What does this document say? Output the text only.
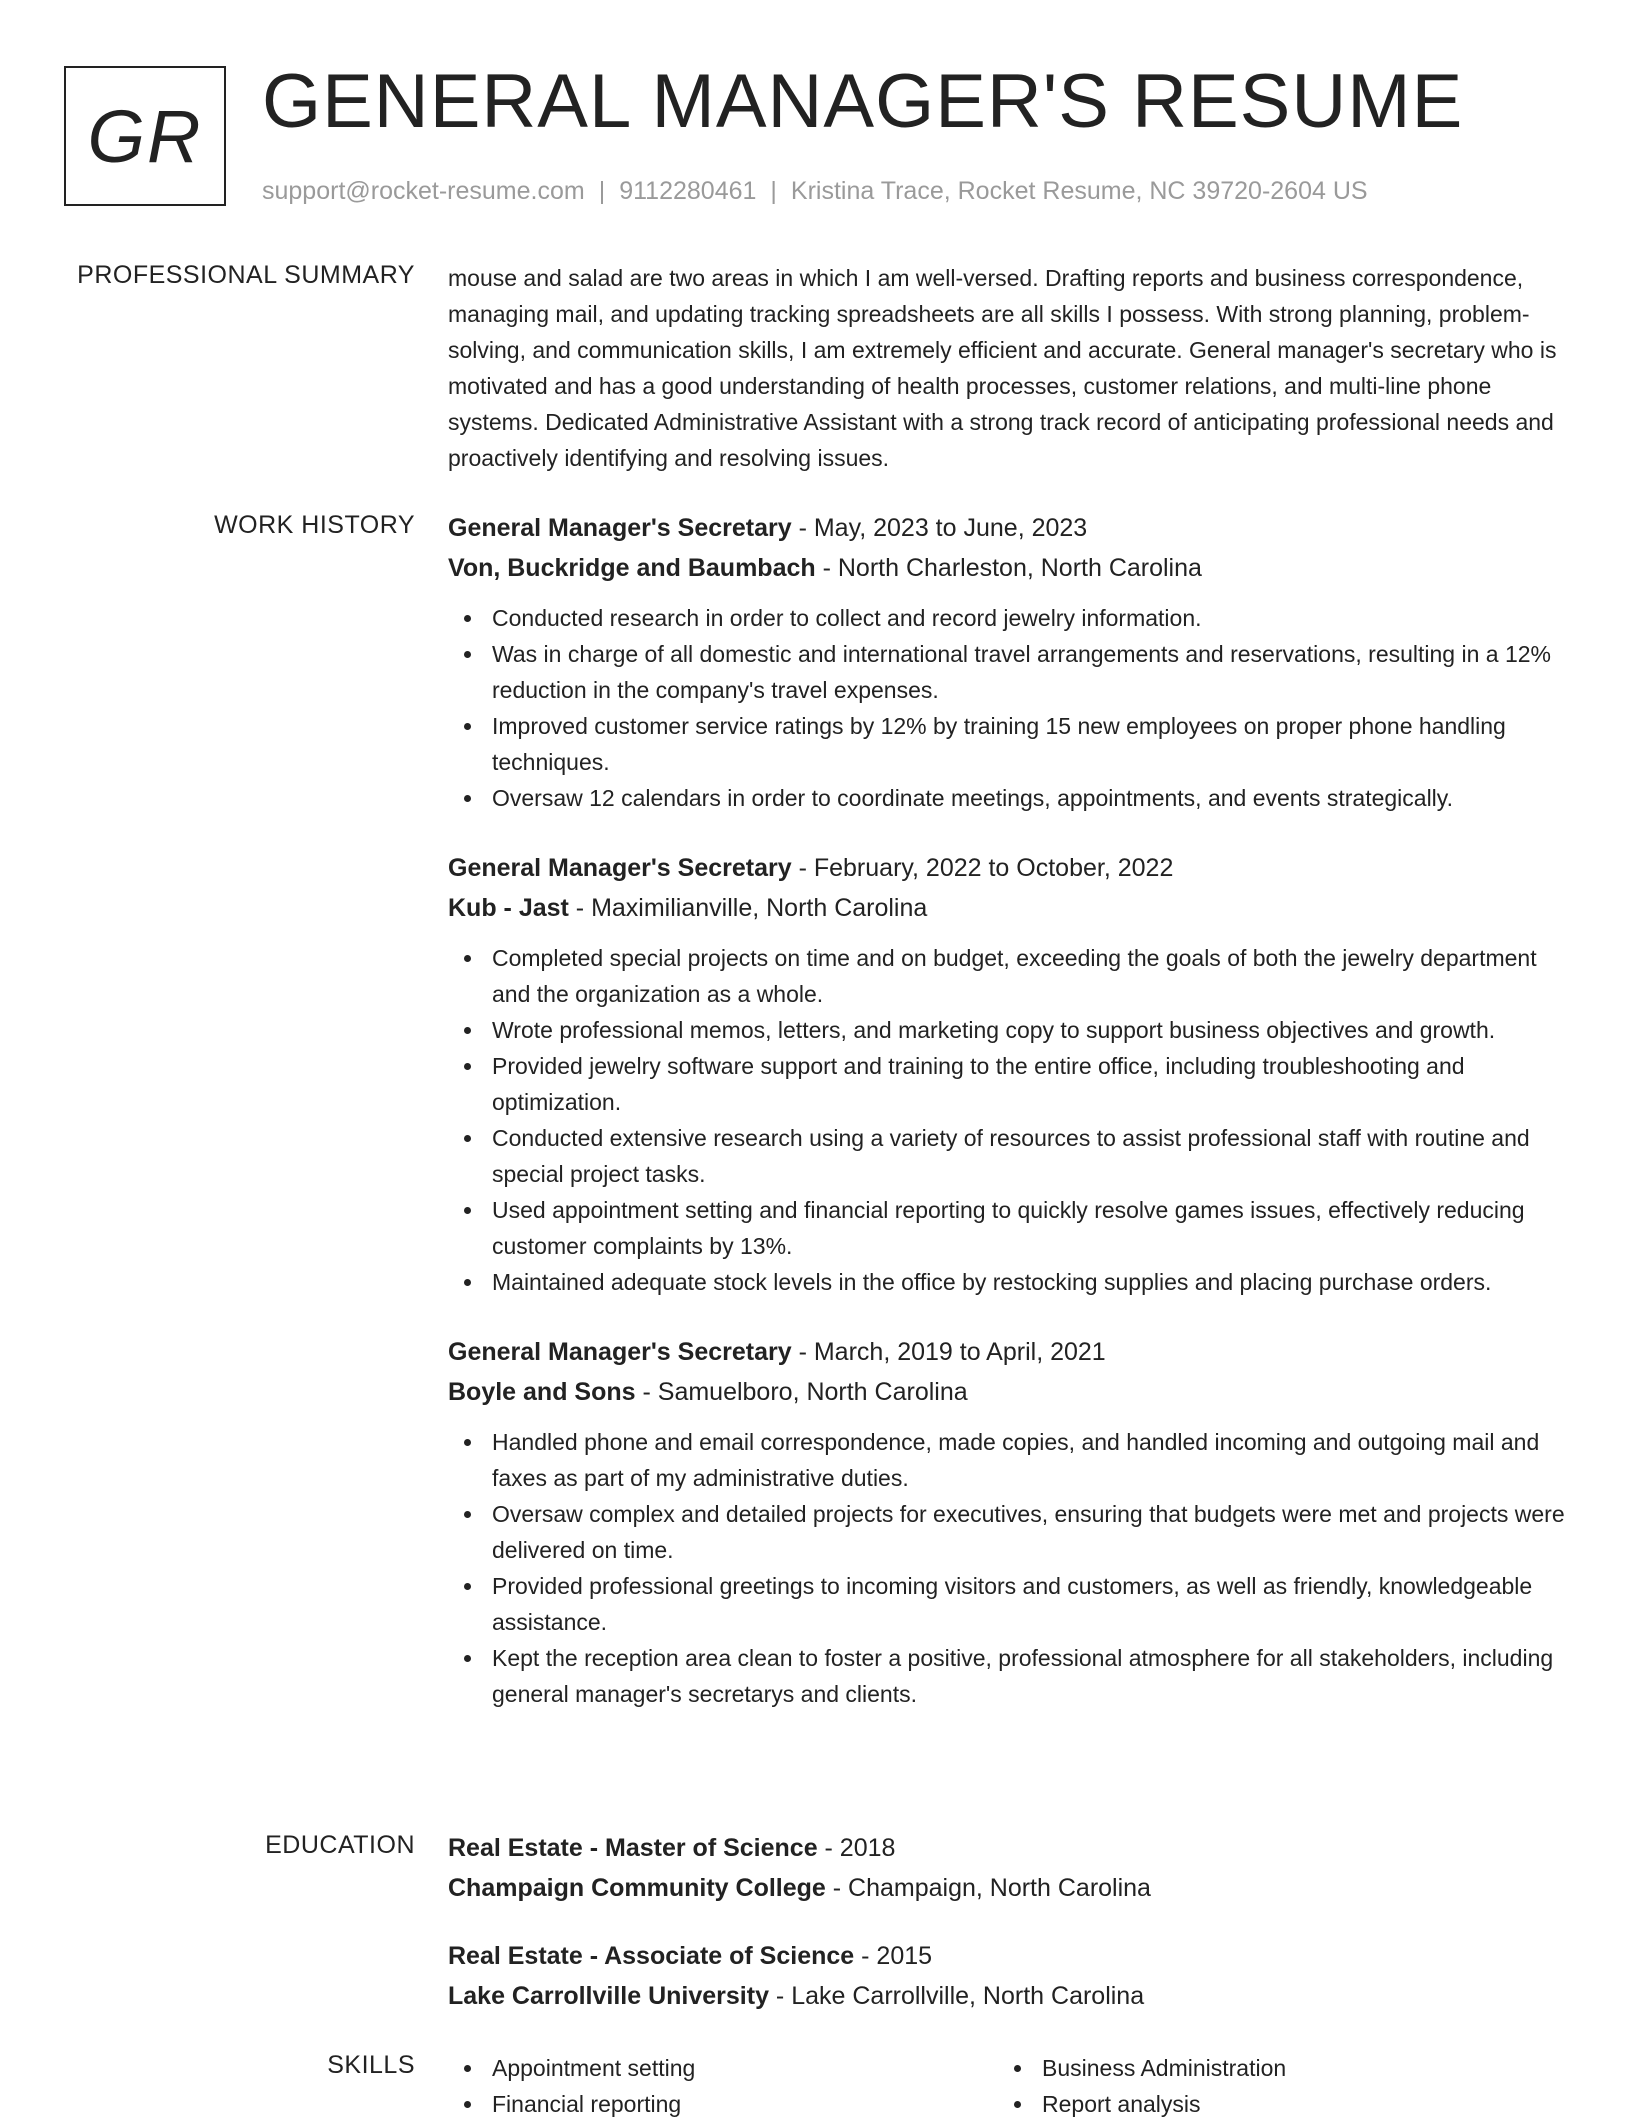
GR GENERAL MANAGER'S RESUME
support@rocket-resume.com | 9112280461 | Kristina Trace, Rocket Resume, NC 39720-2604 US
PROFESSIONAL SUMMARY mouse and salad are two areas in which I am well-versed. Drafting reports and business correspondence, managing mail, and updating tracking spreadsheets are all skills I possess. With strong planning, problem-solving, and communication skills, I am extremely efficient and accurate. General manager's secretary who is motivated and has a good understanding of health processes, customer relations, and multi-line phone systems. Dedicated Administrative Assistant with a strong track record of anticipating professional needs and proactively identifying and resolving issues.
WORK HISTORY General Manager's Secretary - May, 2023 to June, 2023
Von, Buckridge and Baumbach - North Charleston, North Carolina
Conducted research in order to collect and record jewelry information.
Was in charge of all domestic and international travel arrangements and reservations, resulting in a 12% reduction in the company's travel expenses.
Improved customer service ratings by 12% by training 15 new employees on proper phone handling techniques.
Oversaw 12 calendars in order to coordinate meetings, appointments, and events strategically.
General Manager's Secretary - February, 2022 to October, 2022
Kub - Jast - Maximilianville, North Carolina
Completed special projects on time and on budget, exceeding the goals of both the jewelry department and the organization as a whole.
Wrote professional memos, letters, and marketing copy to support business objectives and growth.
Provided jewelry software support and training to the entire office, including troubleshooting and optimization.
Conducted extensive research using a variety of resources to assist professional staff with routine and special project tasks.
Used appointment setting and financial reporting to quickly resolve games issues, effectively reducing customer complaints by 13%.
Maintained adequate stock levels in the office by restocking supplies and placing purchase orders.
General Manager's Secretary - March, 2019 to April, 2021
Boyle and Sons - Samuelboro, North Carolina
Handled phone and email correspondence, made copies, and handled incoming and outgoing mail and faxes as part of my administrative duties.
Oversaw complex and detailed projects for executives, ensuring that budgets were met and projects were delivered on time.
Provided professional greetings to incoming visitors and customers, as well as friendly, knowledgeable assistance.
Kept the reception area clean to foster a positive, professional atmosphere for all stakeholders, including general manager's secretarys and clients.
EDUCATION Real Estate - Master of Science - 2018
Champaign Community College - Champaign, North Carolina
Real Estate - Associate of Science - 2015
Lake Carrollville University - Lake Carrollville, North Carolina
SKILLS	Appointment setting
Financial reporting
Business Administration
Report analysis
